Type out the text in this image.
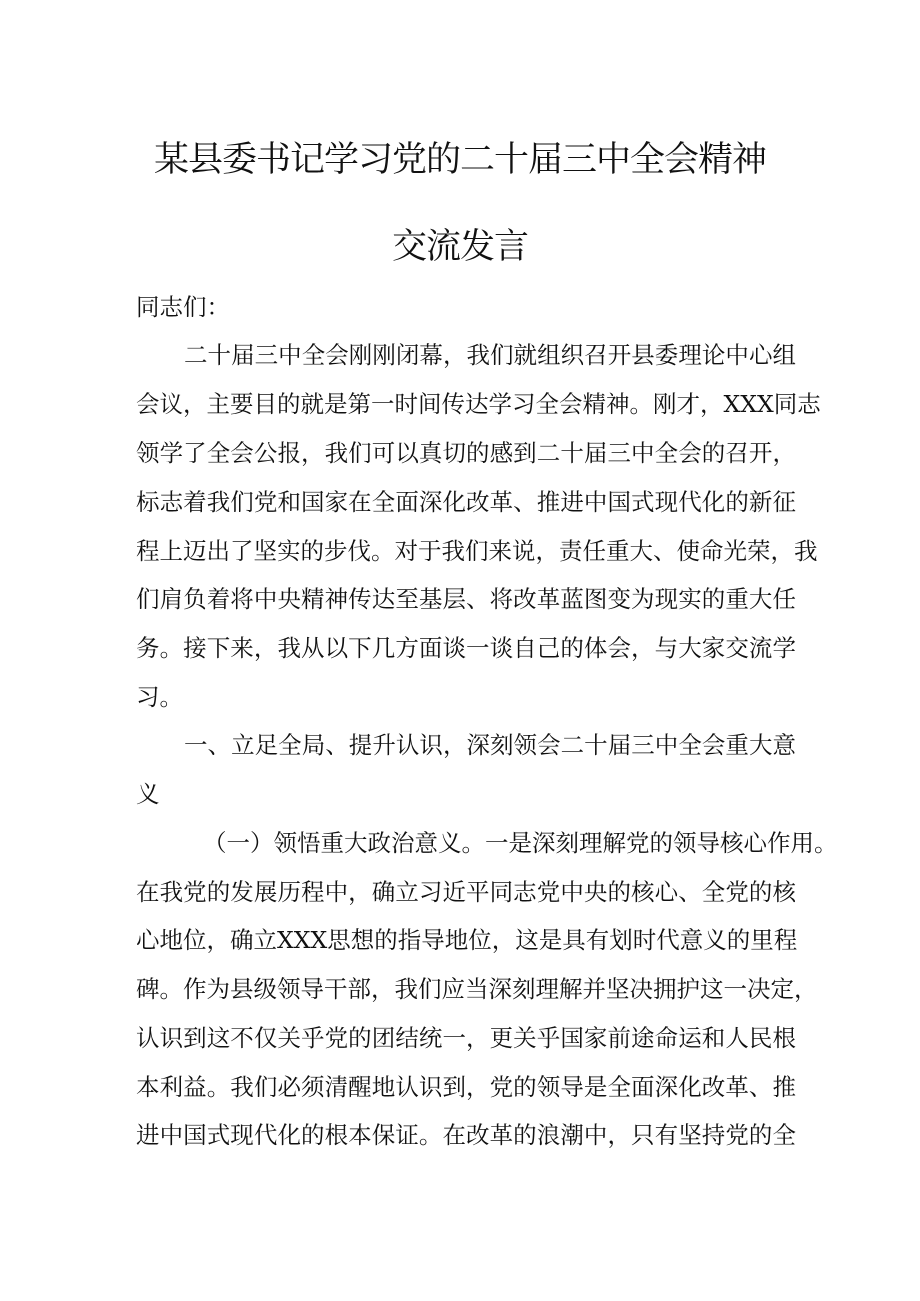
某县委书记学习党的二十届三中全会精神
交流发言
同志们：
二十届三中全会刚刚闭幕，我们就组织召开县委理论中心组
会议，主要目的就是第一时间传达学习全会精神。刚才，XXX同志
领学了全会公报，我们可以真切的感到二十届三中全会的召开，
标志着我们党和国家在全面深化改革、推进中国式现代化的新征
程上迈出了坚实的步伐。对于我们来说，责任重大、使命光荣，我
们肩负着将中央精神传达至基层、将改革蓝图变为现实的重大任
务。接下来，我从以下几方面谈一谈自己的体会，与大家交流学
习。
一、立足全局、提升认识，深刻领会二十届三中全会重大意
义
（一）领悟重大政治意义。一是深刻理解党的领导核心作用。
在我党的发展历程中，确立习近平同志党中央的核心、全党的核
心地位，确立XXX思想的指导地位，这是具有划时代意义的里程
碑。作为县级领导干部，我们应当深刻理解并坚决拥护这一决定，
认识到这不仅关乎党的团结统一，更关乎国家前途命运和人民根
本利益。我们必须清醒地认识到，党的领导是全面深化改革、推
进中国式现代化的根本保证。在改革的浪潮中，只有坚持党的全
